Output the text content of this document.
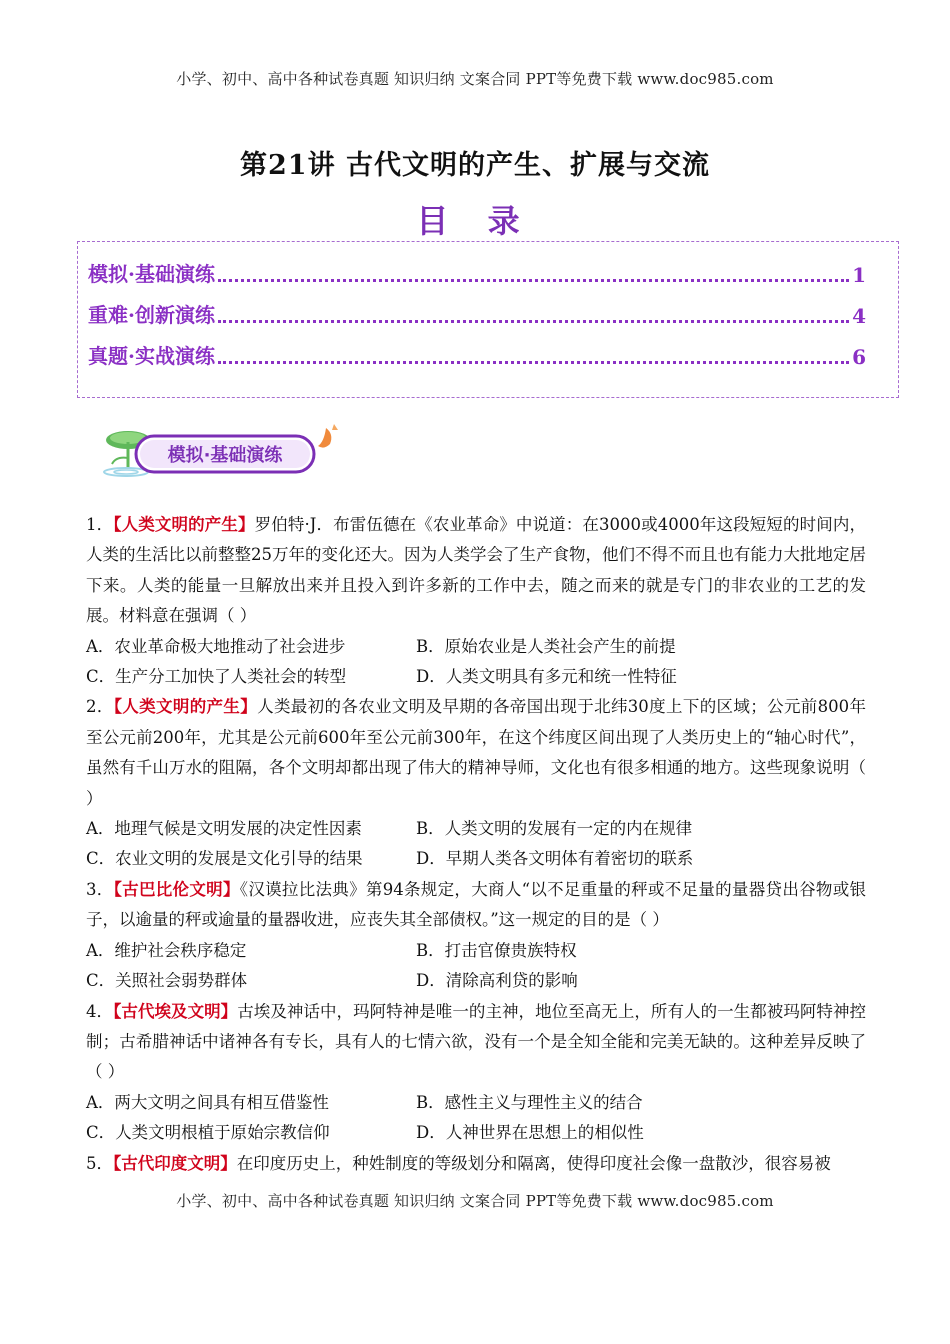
小学、初中、高中各种试卷真题 知识归纳 文案合同 PPT等免费下载 www.doc985.com
第21讲 古代文明的产生、扩展与交流
目 录
模拟·基础演练	1
重难·创新演练	4
真题·实战演练	6
模拟·基础演练
1．【人类文明的产生】罗伯特·J．布雷伍德在《农业革命》中说道：在3000或4000年这段短短的时间内，人类的生活比以前整整25万年的变化还大。因为人类学会了生产食物，他们不得不而且也有能力大批地定居下来。人类的能量一旦解放出来并且投入到许多新的工作中去，随之而来的就是专门的非农业的工艺的发展。材料意在强调（ ）
A．农业革命极大地推动了社会进步	B．原始农业是人类社会产生的前提
C．生产分工加快了人类社会的转型	D．人类文明具有多元和统一性特征
2．【人类文明的产生】人类最初的各农业文明及早期的各帝国出现于北纬30度上下的区域；公元前800年至公元前200年，尤其是公元前600年至公元前300年，在这个纬度区间出现了人类历史上的“轴心时代”，虽然有千山万水的阻隔，各个文明却都出现了伟大的精神导师，文化也有很多相通的地方。这些现象说明（ ）
A．地理气候是文明发展的决定性因素	B．人类文明的发展有一定的内在规律
C．农业文明的发展是文化引导的结果	D．早期人类各文明体有着密切的联系
3．【古巴比伦文明】《汉谟拉比法典》第94条规定，大商人“以不足重量的秤或不足量的量器贷出谷物或银子，以逾量的秤或逾量的量器收进，应丧失其全部债权。”这一规定的目的是（ ）
A．维护社会秩序稳定	B．打击官僚贵族特权
C．关照社会弱势群体	D．清除高利贷的影响
4．【古代埃及文明】古埃及神话中，玛阿特神是唯一的主神，地位至高无上，所有人的一生都被玛阿特神控制；古希腊神话中诸神各有专长，具有人的七情六欲，没有一个是全知全能和完美无缺的。这种差异反映了（ ）
A．两大文明之间具有相互借鉴性	B．感性主义与理性主义的结合
C．人类文明根植于原始宗教信仰	D．人神世界在思想上的相似性
5．【古代印度文明】在印度历史上，种姓制度的等级划分和隔离，使得印度社会像一盘散沙，很容易被
小学、初中、高中各种试卷真题 知识归纳 文案合同 PPT等免费下载 www.doc985.com
